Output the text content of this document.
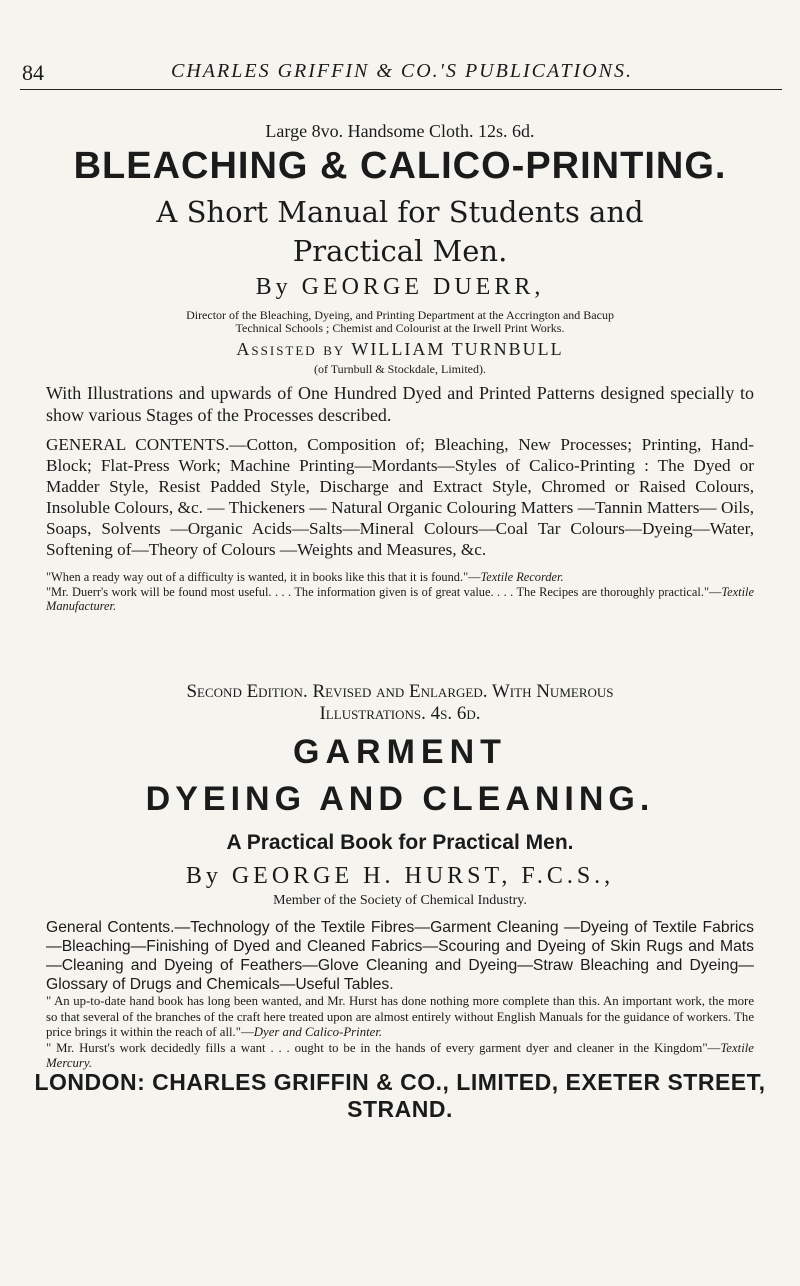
84	CHARLES GRIFFIN & CO.'S PUBLICATIONS.
Large 8vo. Handsome Cloth. 12s. 6d.
BLEACHING & CALICO-PRINTING.
A Short Manual for Students and
Practical Men.
By GEORGE DUERR,
Director of the Bleaching, Dyeing, and Printing Department at the Accrington and Bacup
Technical Schools ; Chemist and Colourist at the Irwell Print Works.
Assisted by WILLIAM TURNBULL
(of Turnbull & Stockdale, Limited).
With Illustrations and upwards of One Hundred Dyed and Printed Patterns designed specially to show various Stages of the Processes described.
GENERAL CONTENTS.—Cotton, Composition of; Bleaching, New Processes; Printing, Hand-Block; Flat-Press Work; Machine Printing—Mordants—Styles of Calico-Printing : The Dyed or Madder Style, Resist Padded Style, Discharge and Extract Style, Chromed or Raised Colours, Insoluble Colours, &c. — Thickeners — Natural Organic Colouring Matters —Tannin Matters— Oils, Soaps, Solvents —Organic Acids—Salts—Mineral Colours—Coal Tar Colours—Dyeing—Water, Softening of—Theory of Colours —Weights and Measures, &c.
"When a ready way out of a difficulty is wanted, it in books like this that it is found."—Textile Recorder.
"Mr. Duerr's work will be found most useful. . . . The information given is of great value. . . . The Recipes are thoroughly practical."—Textile Manufacturer.
Second Edition. Revised and Enlarged. With Numerous
Illustrations. 4s. 6d.
GARMENT
DYEING AND CLEANING.
A Practical Book for Practical Men.
By GEORGE H. HURST, F.C.S.,
Member of the Society of Chemical Industry.
General Contents.—Technology of the Textile Fibres—Garment Cleaning —Dyeing of Textile Fabrics—Bleaching—Finishing of Dyed and Cleaned Fabrics—Scouring and Dyeing of Skin Rugs and Mats—Cleaning and Dyeing of Feathers—Glove Cleaning and Dyeing—Straw Bleaching and Dyeing—Glossary of Drugs and Chemicals—Useful Tables.
" An up-to-date hand book has long been wanted, and Mr. Hurst has done nothing more complete than this. An important work, the more so that several of the branches of the craft here treated upon are almost entirely without English Manuals for the guidance of workers. The price brings it within the reach of all."—Dyer and Calico-Printer.
" Mr. Hurst's work decidedly fills a want . . . ought to be in the hands of every garment dyer and cleaner in the Kingdom"—Textile Mercury.
LONDON: CHARLES GRIFFIN & CO., LIMITED, EXETER STREET, STRAND.
